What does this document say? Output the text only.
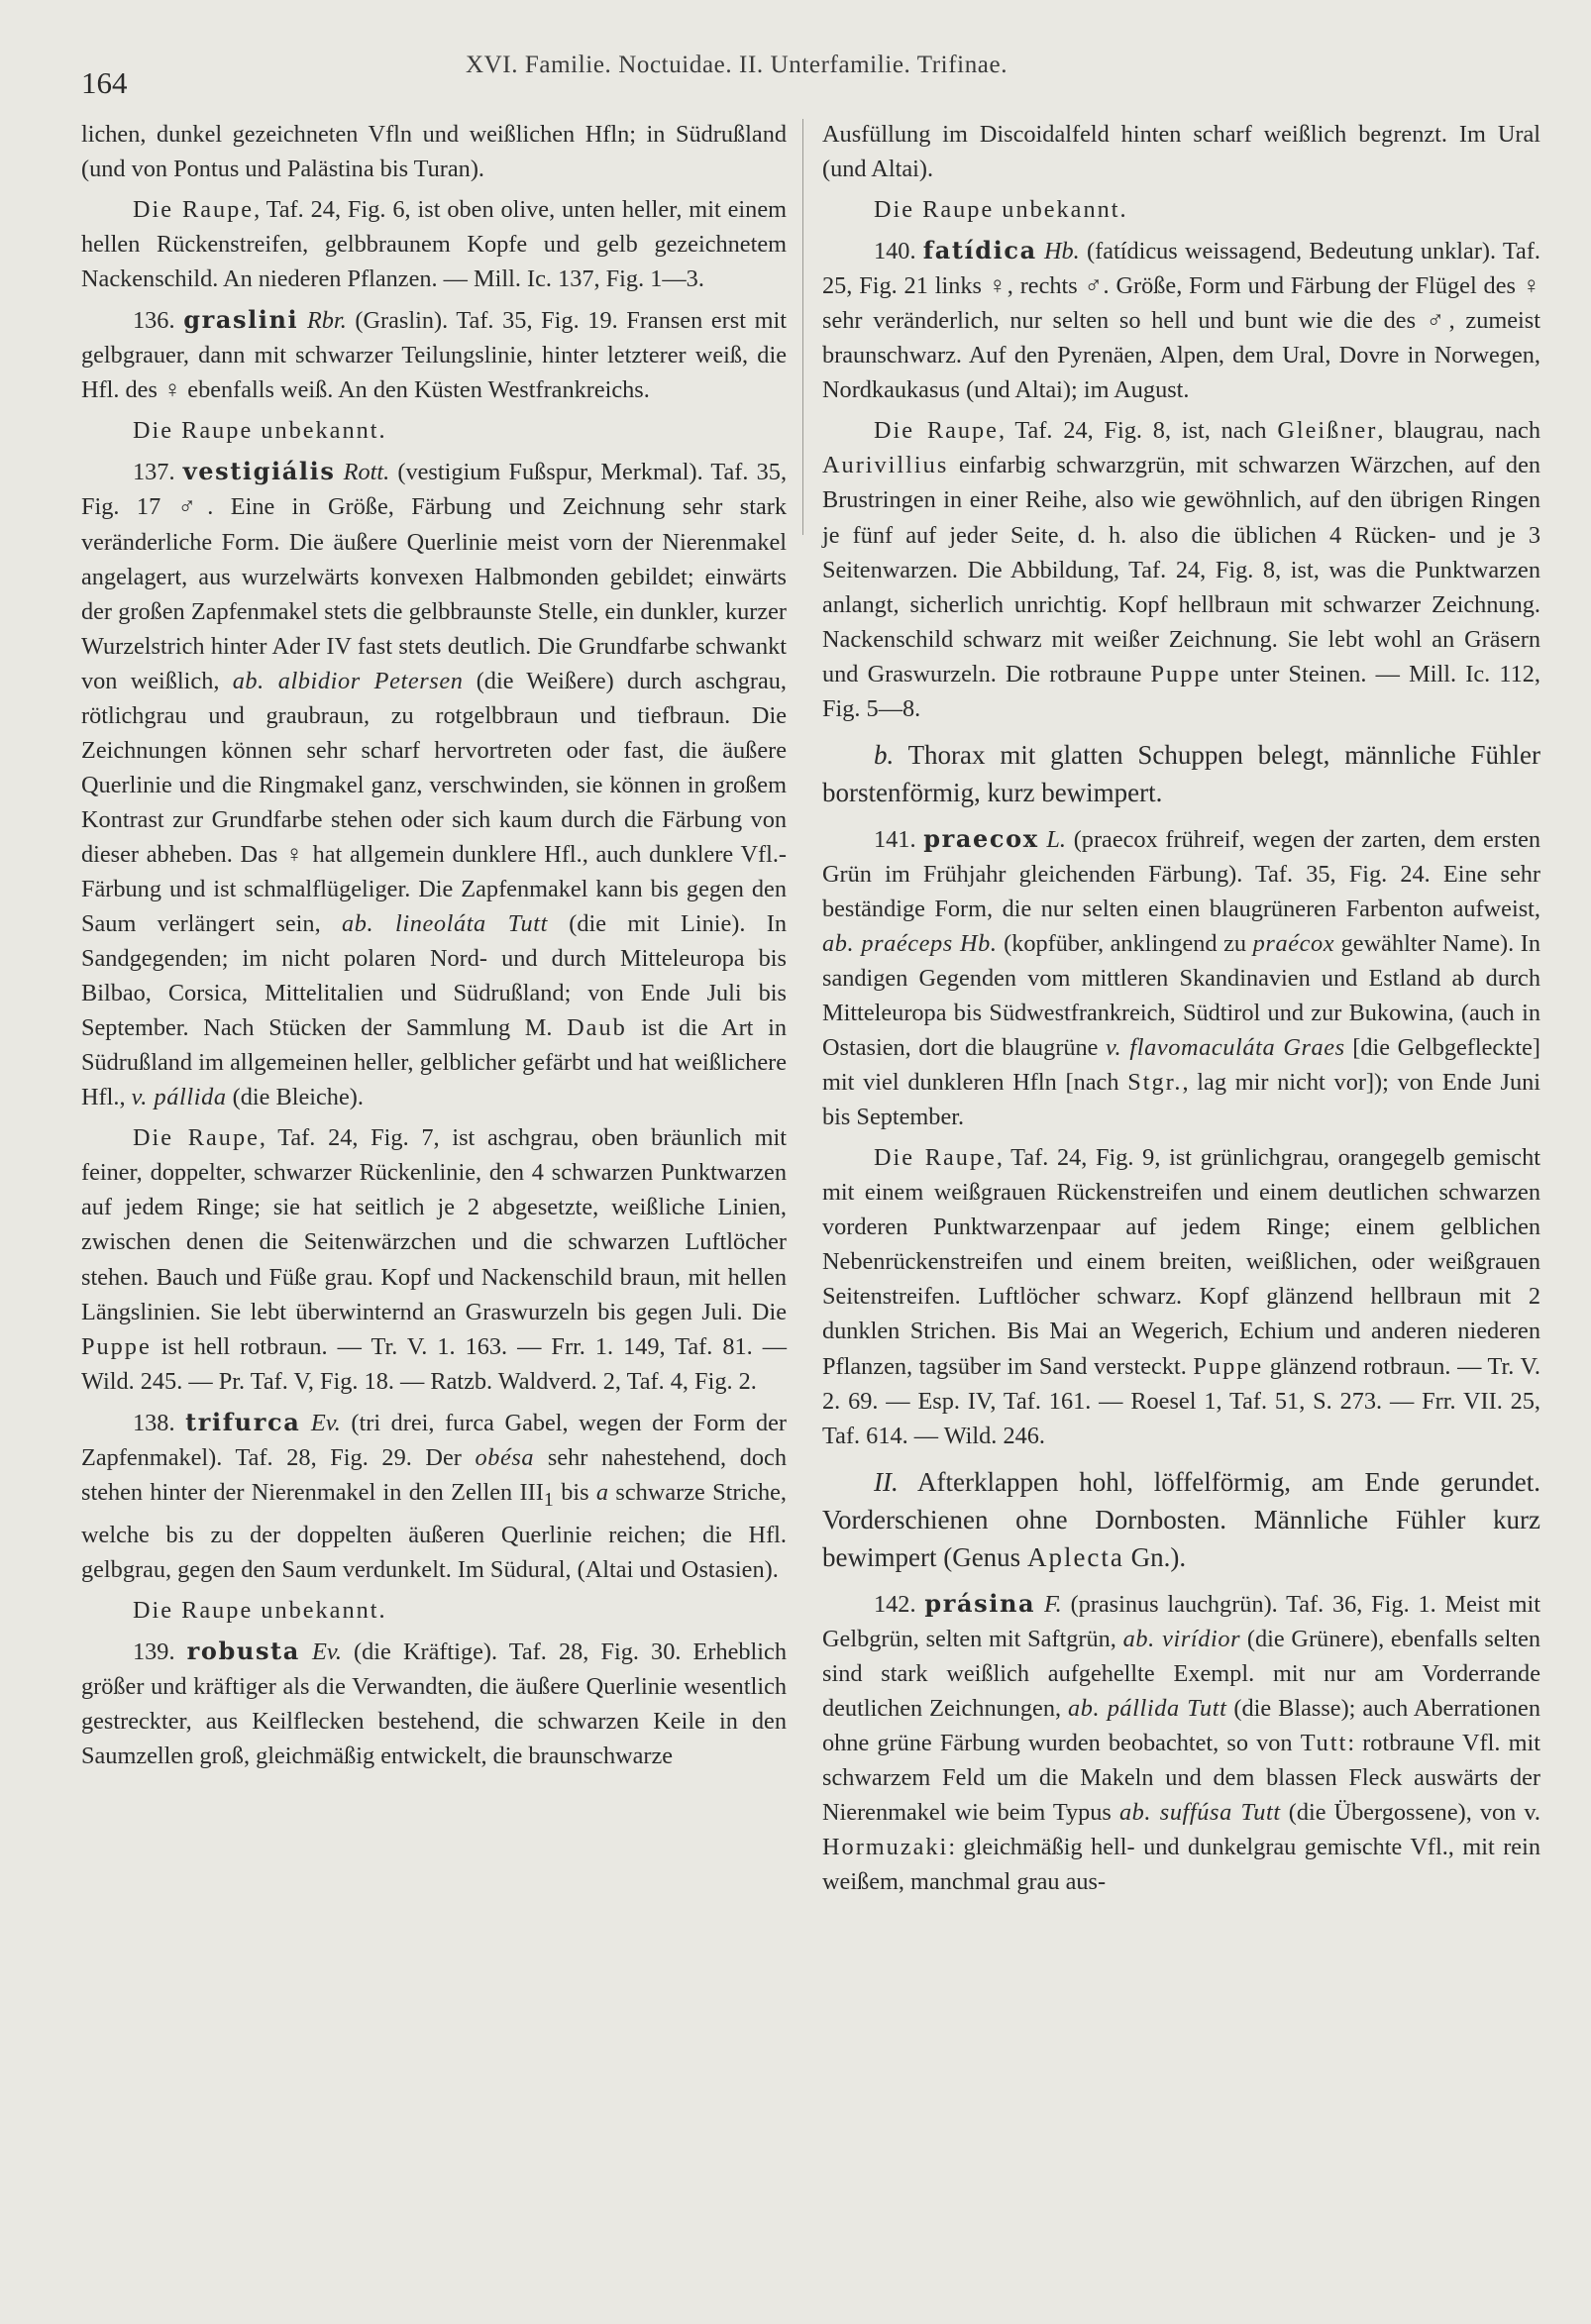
164
XVI. Familie. Noctuidae. II. Unterfamilie. Trifinae.

lichen, dunkel gezeichneten Vfln und weißlichen Hfln; in Südrußland (und von Pontus und Palästina bis Turan).

Die Raupe, Taf. 24, Fig. 6, ist oben olive, unten heller, mit einem hellen Rückenstreifen, gelbbraunem Kopfe und gelb gezeichnetem Nackenschild. An niederen Pflanzen. — Mill. Ic. 137, Fig. 1—3.

136. graslini Rbr. (Graslin). Taf. 35, Fig. 19. Fransen erst mit gelbgrauer, dann mit schwarzer Teilungslinie, hinter letzterer weiß, die Hfl. des ♀ ebenfalls weiß. An den Küsten Westfrankreichs.

Die Raupe unbekannt.

137. vestigiális Rott. (vestigium Fußspur, Merkmal). Taf. 35, Fig. 17 ♂. Eine in Größe, Färbung und Zeichnung sehr stark veränderliche Form. Die äußere Querlinie meist vorn der Nierenmakel angelagert, aus wurzelwärts konvexen Halbmonden gebildet; einwärts der großen Zapfenmakel stets die gelbbraunste Stelle, ein dunkler, kurzer Wurzelstrich hinter Ader IV fast stets deutlich. Die Grundfarbe schwankt von weißlich, ab. albidior Petersen (die Weißere) durch aschgrau, rötlichgrau und graubraun, zu rotgelbbraun und tiefbraun. Die Zeichnungen können sehr scharf hervortreten oder fast, die äußere Querlinie und die Ringmakel ganz, verschwinden, sie können in großem Kontrast zur Grundfarbe stehen oder sich kaum durch die Färbung von dieser abheben. Das ♀ hat allgemein dunklere Hfl., auch dunklere Vfl.-Färbung und ist schmalflügeliger. Die Zapfenmakel kann bis gegen den Saum verlängert sein, ab. lineoláta Tutt (die mit Linie). In Sandgegenden; im nicht polaren Nord- und durch Mitteleuropa bis Bilbao, Corsica, Mittelitalien und Südrußland; von Ende Juli bis September. Nach Stücken der Sammlung M. Daub ist die Art in Südrußland im allgemeinen heller, gelblicher gefärbt und hat weißlichere Hfl., v. pállida (die Bleiche).

Die Raupe, Taf. 24, Fig. 7, ist aschgrau, oben bräunlich mit feiner, doppelter, schwarzer Rückenlinie, den 4 schwarzen Punktwarzen auf jedem Ringe; sie hat seitlich je 2 abgesetzte, weißliche Linien, zwischen denen die Seitenwärzchen und die schwarzen Luftlöcher stehen. Bauch und Füße grau. Kopf und Nackenschild braun, mit hellen Längslinien. Sie lebt überwinternd an Graswurzeln bis gegen Juli. Die Puppe ist hell rotbraun. — Tr. V. 1. 163. — Frr. 1. 149, Taf. 81. — Wild. 245. — Pr. Taf. V, Fig. 18. — Ratzb. Waldverd. 2, Taf. 4, Fig. 2.

138. trifurca Ev. (tri drei, furca Gabel, wegen der Form der Zapfenmakel). Taf. 28, Fig. 29. Der obésa sehr nahestehend, doch stehen hinter der Nierenmakel in den Zellen $III_1$ bis a schwarze Striche, welche bis zu der doppelten äußeren Querlinie reichen; die Hfl. gelbgrau, gegen den Saum verdunkelt. Im Südural, (Altai und Ostasien).

Die Raupe unbekannt.

139. robusta Ev. (die Kräftige). Taf. 28, Fig. 30. Erheblich größer und kräftiger als die Verwandten, die äußere Querlinie wesentlich gestreckter, aus Keilflecken bestehend, die schwarzen Keile in den Saumzellen groß, gleichmäßig entwickelt, die braunschwarze

Ausfüllung im Discoidalfeld hinten scharf weißlich begrenzt. Im Ural (und Altai).

Die Raupe unbekannt.

140. fatídica Hb. (fatídicus weissagend, Bedeutung unklar). Taf. 25, Fig. 21 links ♀, rechts ♂. Größe, Form und Färbung der Flügel des ♀ sehr veränderlich, nur selten so hell und bunt wie die des ♂, zumeist braunschwarz. Auf den Pyrenäen, Alpen, dem Ural, Dovre in Norwegen, Nordkaukasus (und Altai); im August.

Die Raupe, Taf. 24, Fig. 8, ist, nach Gleißner, blaugrau, nach Aurivillius einfarbig schwarzgrün, mit schwarzen Wärzchen, auf den Brustringen in einer Reihe, also wie gewöhnlich, auf den übrigen Ringen je fünf auf jeder Seite, d. h. also die üblichen 4 Rücken- und je 3 Seitenwarzen. Die Abbildung, Taf. 24, Fig. 8, ist, was die Punktwarzen anlangt, sicherlich unrichtig. Kopf hellbraun mit schwarzer Zeichnung. Nackenschild schwarz mit weißer Zeichnung. Sie lebt wohl an Gräsern und Graswurzeln. Die rotbraune Puppe unter Steinen. — Mill. Ic. 112, Fig. 5—8.

b. Thorax mit glatten Schuppen belegt, männliche Fühler borstenförmig, kurz bewimpert.

141. praecox L. (praecox frühreif, wegen der zarten, dem ersten Grün im Frühjahr gleichenden Färbung). Taf. 35, Fig. 24. Eine sehr beständige Form, die nur selten einen blaugrüneren Farbenton aufweist, ab. praéceps Hb. (kopfüber, anklingend zu praécox gewählter Name). In sandigen Gegenden vom mittleren Skandinavien und Estland ab durch Mitteleuropa bis Südwestfrankreich, Südtirol und zur Bukowina, (auch in Ostasien, dort die blaugrüne v. flavomaculáta Graes [die Gelbgefleckte] mit viel dunkleren Hfln [nach Stgr., lag mir nicht vor]); von Ende Juni bis September.

Die Raupe, Taf. 24, Fig. 9, ist grünlichgrau, orangegelb gemischt mit einem weißgrauen Rückenstreifen und einem deutlichen schwarzen vorderen Punktwarzenpaar auf jedem Ringe; einem gelblichen Nebenrückenstreifen und einem breiten, weißlichen, oder weißgrauen Seitenstreifen. Luftlöcher schwarz. Kopf glänzend hellbraun mit 2 dunklen Strichen. Bis Mai an Wegerich, Echium und anderen niederen Pflanzen, tagsüber im Sand versteckt. Puppe glänzend rotbraun. — Tr. V. 2. 69. — Esp. IV, Taf. 161. — Roesel 1, Taf. 51, S. 273. — Frr. VII. 25, Taf. 614. — Wild. 246.

II. Afterklappen hohl, löffelförmig, am Ende gerundet. Vorderschienen ohne Dornbosten. Männliche Fühler kurz bewimpert (Genus Aplecta Gn.).

142. prásina F. (prasinus lauchgrün). Taf. 36, Fig. 1. Meist mit Gelbgrün, selten mit Saftgrün, ab. virídior (die Grünere), ebenfalls selten sind stark weißlich aufgehellte Exempl. mit nur am Vorderrande deutlichen Zeichnungen, ab. pállida Tutt (die Blasse); auch Aberrationen ohne grüne Färbung wurden beobachtet, so von Tutt: rotbraune Vfl. mit schwarzem Feld um die Makeln und dem blassen Fleck auswärts der Nierenmakel wie beim Typus ab. suffúsa Tutt (die Übergossene), von v. Hormuzaki: gleichmäßig hell- und dunkelgrau gemischte Vfl., mit rein weißem, manchmal grau aus-
